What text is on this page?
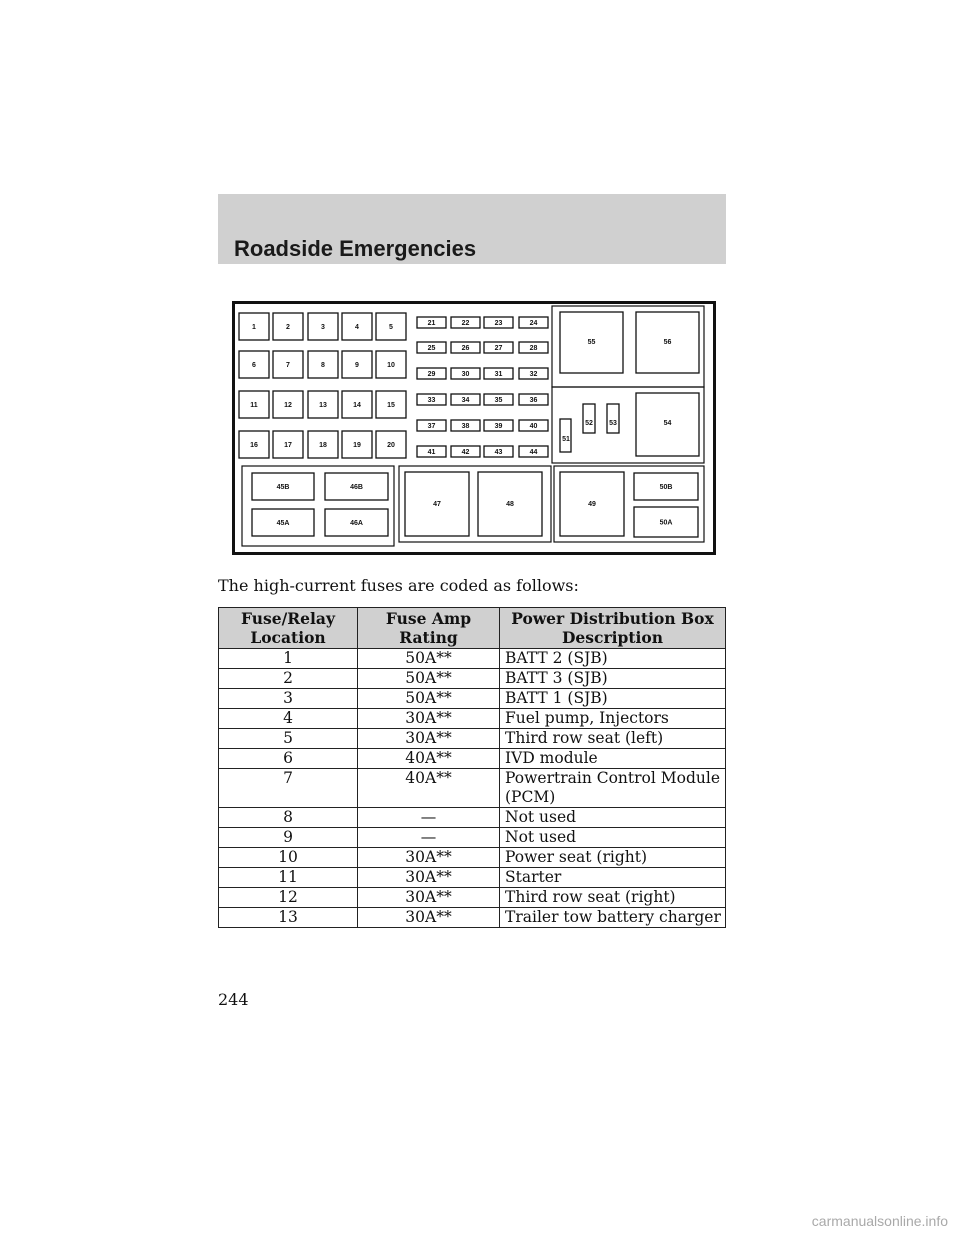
Roadside Emergencies
1	2	3	4	5
6	7	8	9	10
11	12	13	14	15
16	17	18	19	20
21	22	23	24
25	26	27	28
29	30	31	32
33	34	35	36
37	38	39	40
41	42	43	44
55	56
51
52 53	54
45B	46B
45A	46A
47	48	49
50B
50A
The high-current fuses are coded as follows:
Fuse/Relay Location	Fuse Amp Rating	Power Distribution Box Description
1	50A**	BATT 2 (SJB)
2	50A**	BATT 3 (SJB)
3	50A**	BATT 1 (SJB)
4	30A**	Fuel pump, Injectors
5	30A**	Third row seat (left)
6	40A**	IVD module
7	40A**	Powertrain Control Module (PCM)
8	—	Not used
9	—	Not used
10	30A**	Power seat (right)
11	30A**	Starter
12	30A**	Third row seat (right)
13	30A**	Trailer tow battery charger
244
carmanualsonline.info
